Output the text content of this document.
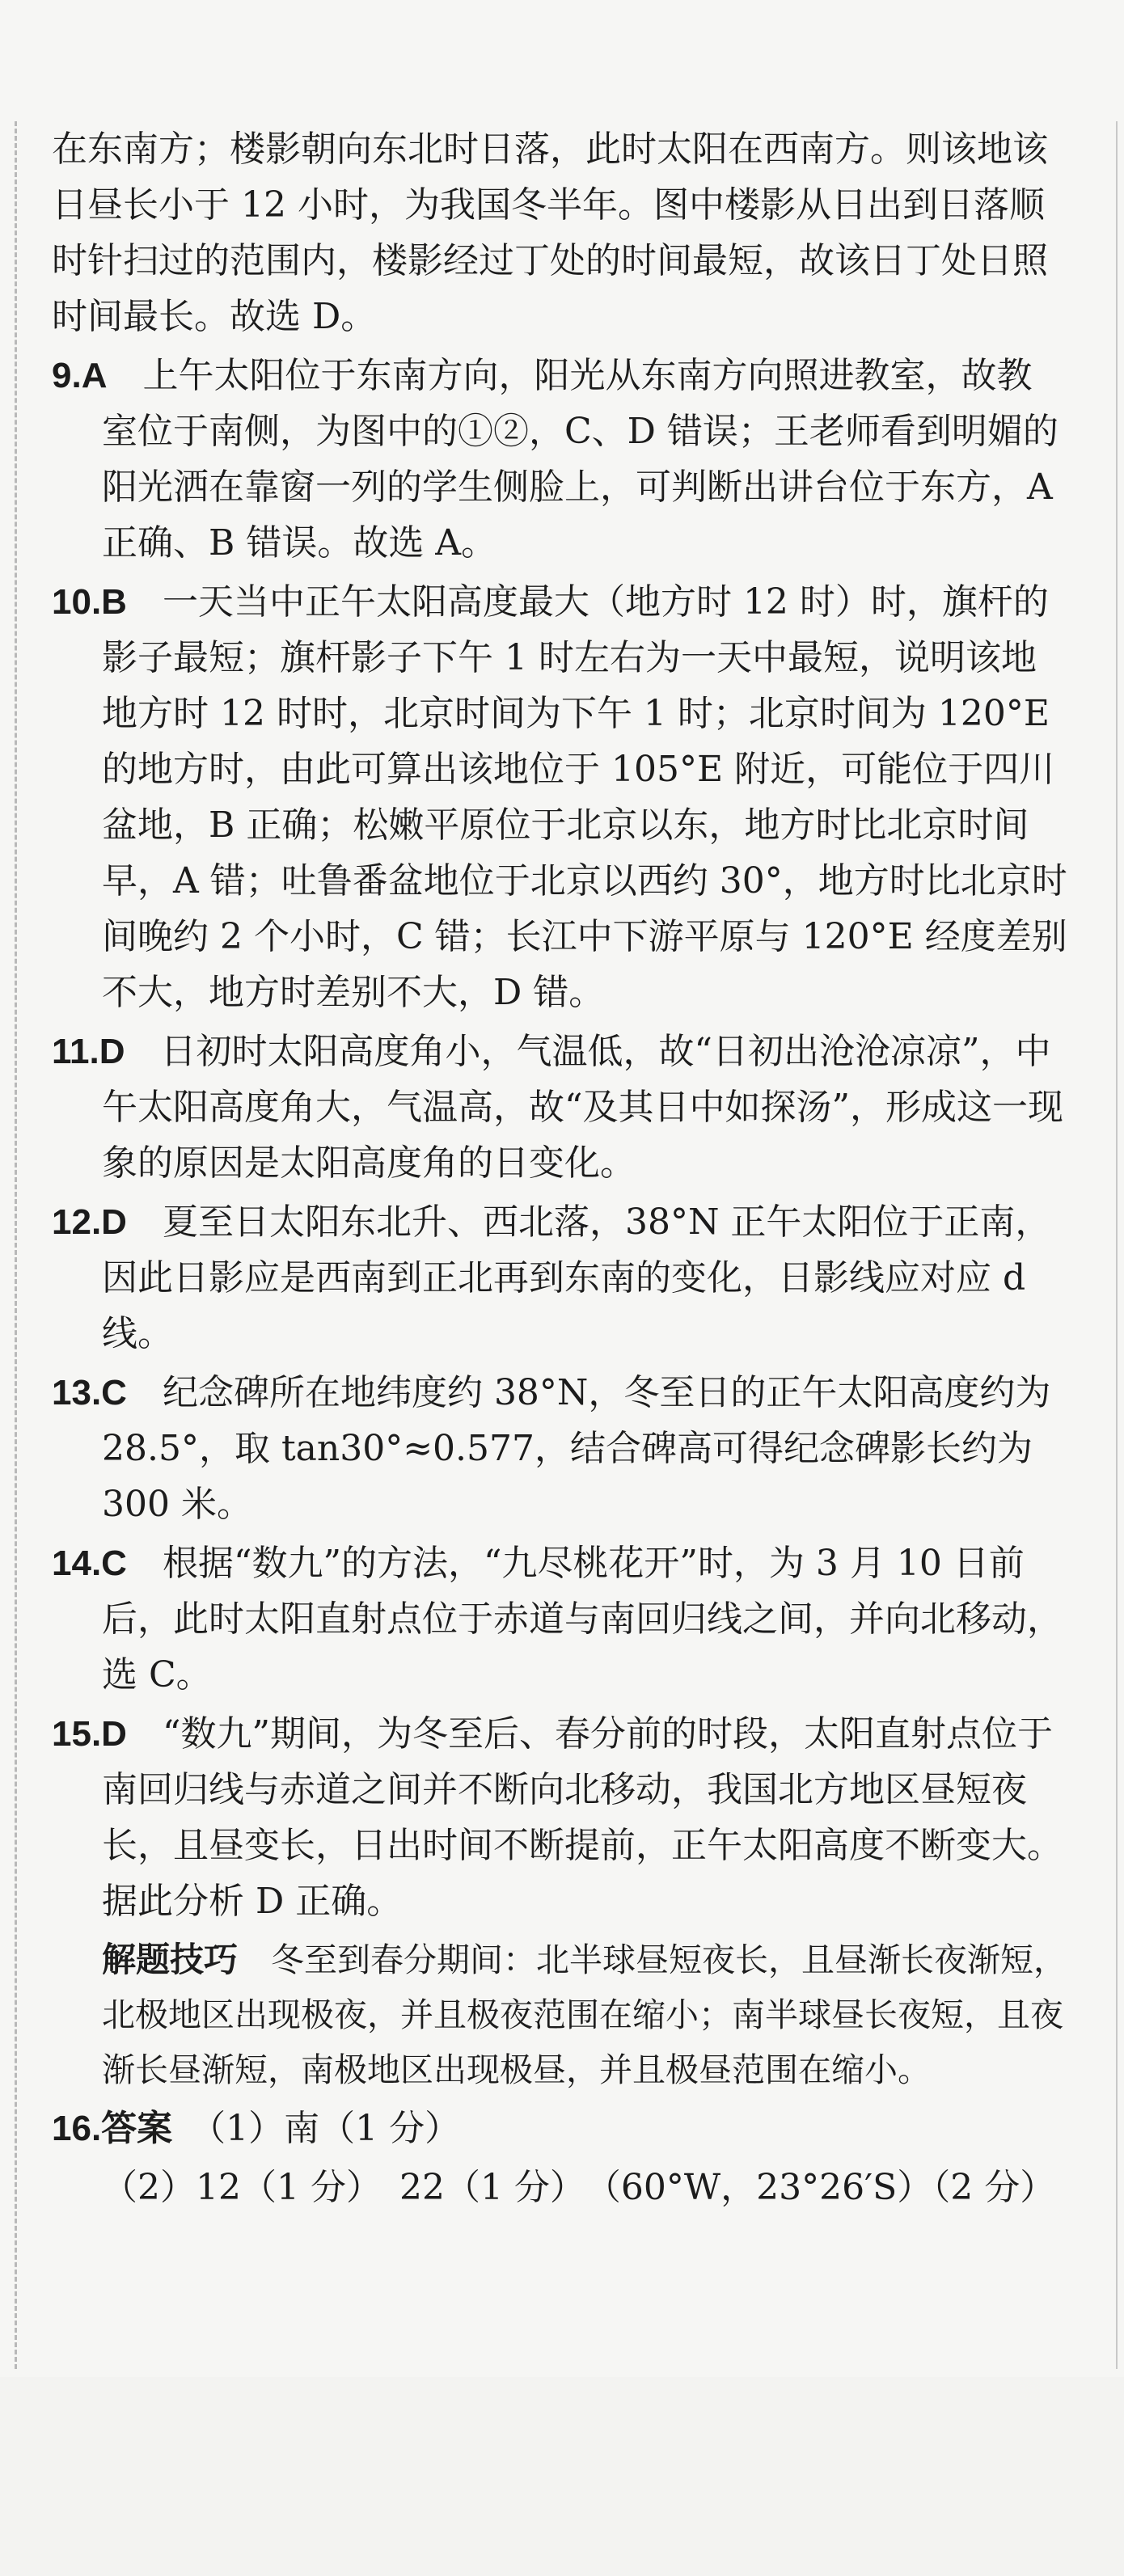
在东南方；楼影朝向东北时日落，此时太阳在西南方。则该地该日昼长小于 12 小时，为我国冬半年。图中楼影从日出到日落顺时针扫过的范围内，楼影经过丁处的时间最短，故该日丁处日照时间最长。故选 D。

9.A　 上午太阳位于东南方向，阳光从东南方向照进教室，故教室位于南侧，为图中的①②，C、D 错误；王老师看到明媚的阳光洒在靠窗一列的学生侧脸上，可判断出讲台位于东方，A 正确、B 错误。故选 A。

10.B　 一天当中正午太阳高度最大（地方时 12 时）时，旗杆的影子最短；旗杆影子下午 1 时左右为一天中最短，说明该地地方时 12 时时，北京时间为下午 1 时；北京时间为 120°E 的地方时，由此可算出该地位于 105°E 附近，可能位于四川盆地，B 正确；松嫩平原位于北京以东，地方时比北京时间早，A 错；吐鲁番盆地位于北京以西约 30°，地方时比北京时间晚约 2 个小时，C 错；长江中下游平原与 120°E 经度差别不大，地方时差别不大，D 错。

11.D　 日初时太阳高度角小，气温低，故“日初出沧沧凉凉”，中午太阳高度角大，气温高，故“及其日中如探汤”，形成这一现象的原因是太阳高度角的日变化。

12.D　 夏至日太阳东北升、西北落，38°N 正午太阳位于正南，因此日影应是西南到正北再到东南的变化，日影线应对应 d 线。

13.C　 纪念碑所在地纬度约 38°N，冬至日的正午太阳高度约为 28.5°，取 tan30°≈0.577，结合碑高可得纪念碑影长约为 300 米。

14.C　 根据“数九”的方法，“九尽桃花开”时，为 3 月 10 日前后，此时太阳直射点位于赤道与南回归线之间，并向北移动，选 C。

15.D　 “数九”期间，为冬至后、春分前的时段，太阳直射点位于南回归线与赤道之间并不断向北移动，我国北方地区昼短夜长，且昼变长，日出时间不断提前，正午太阳高度不断变大。据此分析 D 正确。

解题技巧　 冬至到春分期间：北半球昼短夜长，且昼渐长夜渐短，北极地区出现极夜，并且极夜范围在缩小；南半球昼长夜短，且夜渐长昼渐短，南极地区出现极昼，并且极昼范围在缩小。

16.答案　 （1）南（1 分）

（2）12（1 分）　22（1 分）　（60°W，23°26′S）（2 分）
